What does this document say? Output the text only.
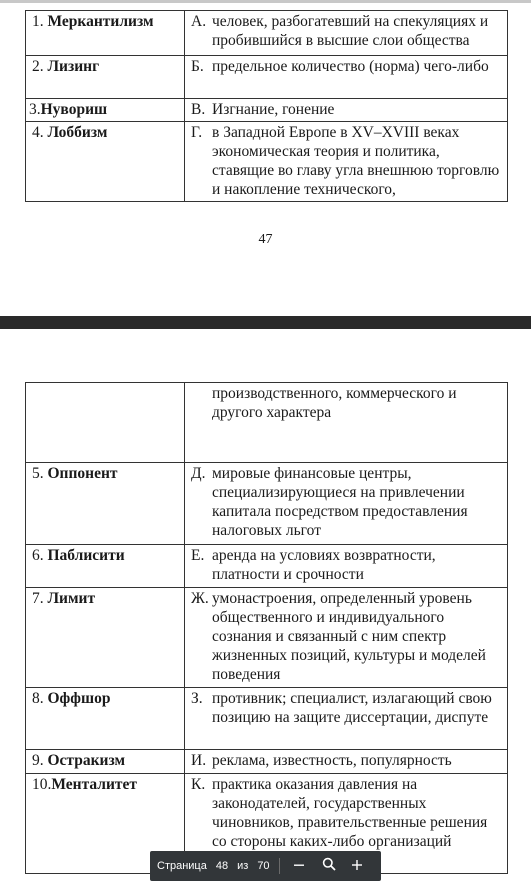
1. Меркантилизм	А. человек, разбогатевший на спекуляциях и пробившийся в высшие слои общества

2. Лизинг	Б. предельное количество (норма) чего-либо

3.Нувориш	В. Изгнание, гонение

4. Лоббизм	Г. в Западной Европе в XV–XVIII веках экономическая теория и политика, ставящие во главу угла внешнюю торговлю и накопление технического,
47

	производственного, коммерческого и другого характера

5. Оппонент	Д. мировые финансовые центры, специализирующиеся на привлечении капитала посредством предоставления налоговых льгот

6. Паблисити	Е. аренда на условиях возвратности, платности и срочности

7. Лимит	Ж. умонастроения, определенный уровень общественного и индивидуального сознания и связанный с ним спектр жизненных позиций, культуры и моделей поведения

8. Оффшор	З. противник; специалист, излагающий свою позицию на защите диссертации, диспуте

9. Остракизм	И. реклама, известность, популярность

10.Менталитет	К. практика оказания давления на законодателей, государственных чиновников, правительственные решения со стороны каких-либо организаций
Страница 48 из 70
